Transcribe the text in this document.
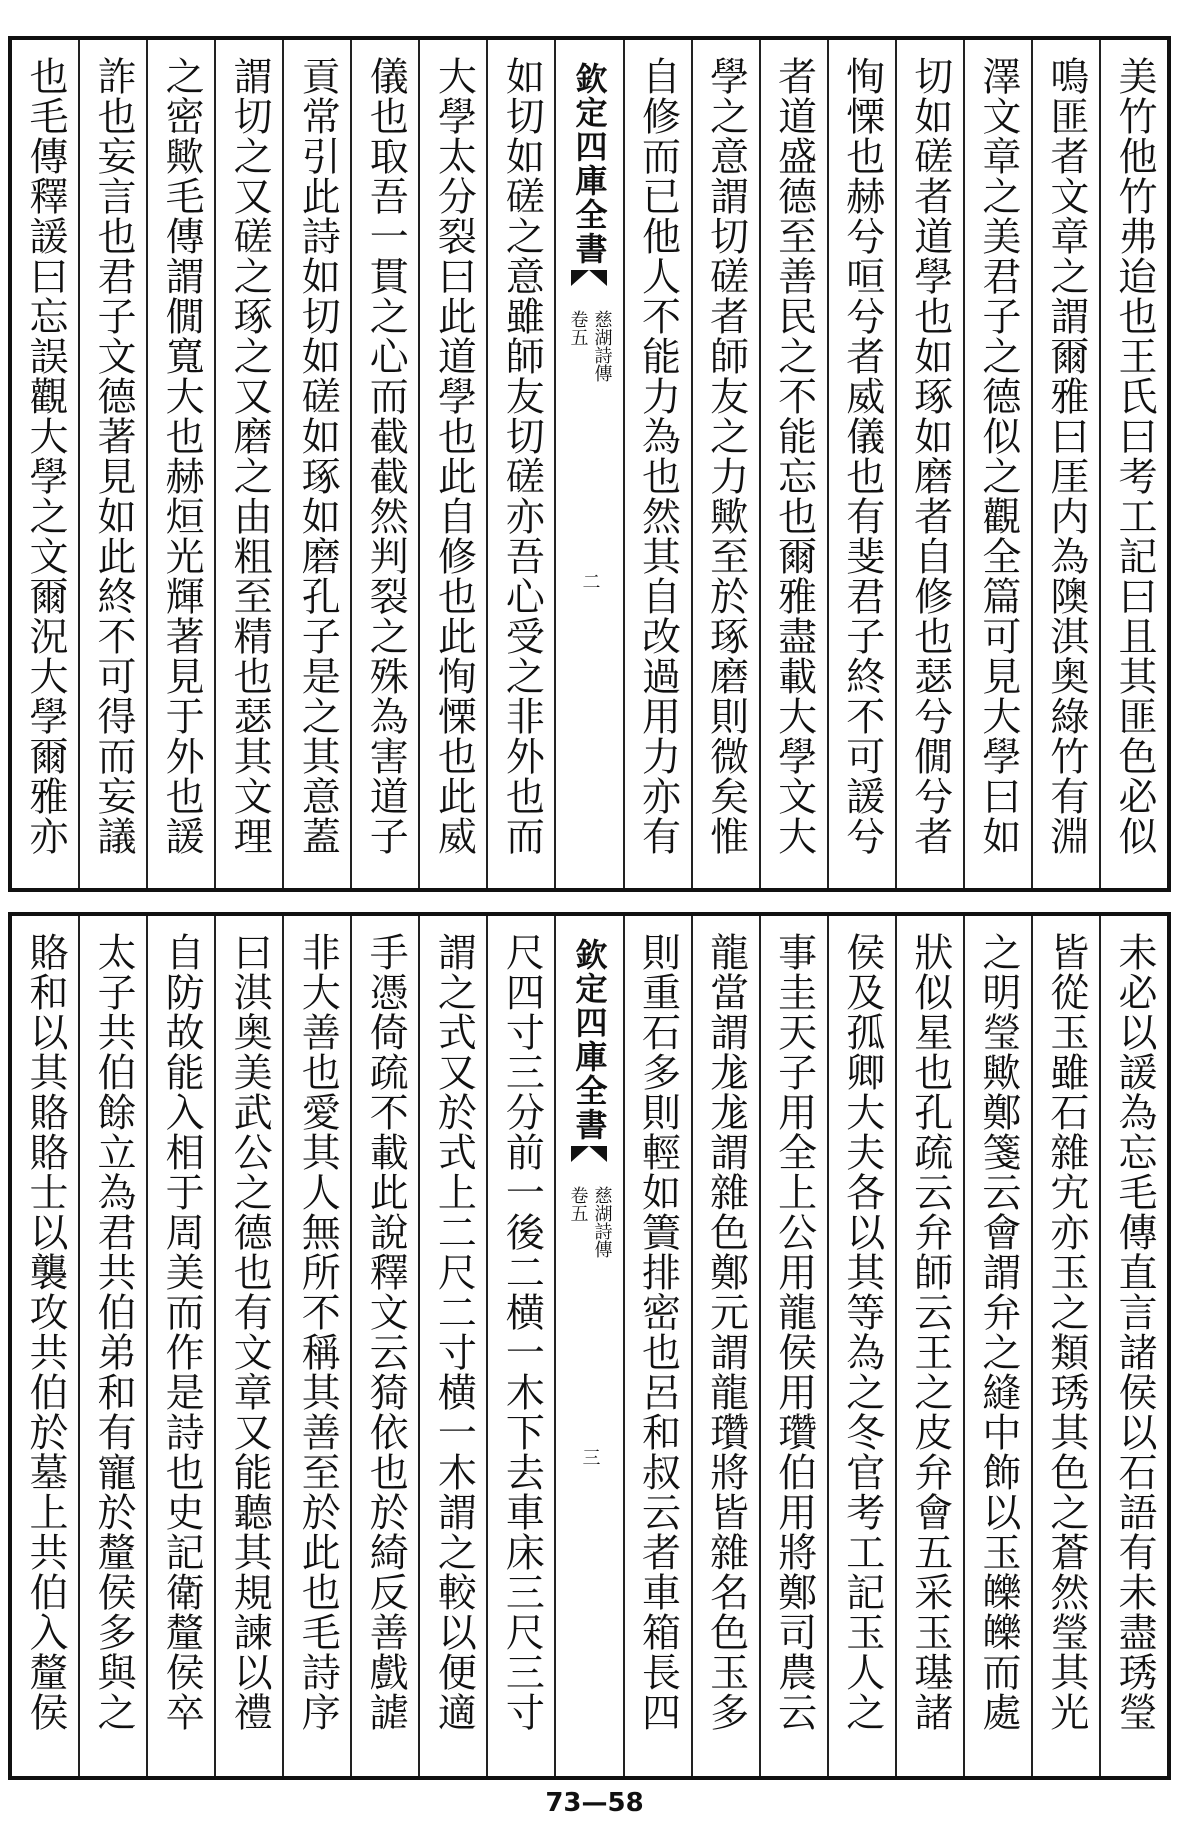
美竹他竹弗迨也王氏曰考工記曰且其匪色必似
鳴匪者文章之謂爾雅曰厓内為隩淇奥綠竹有淵
澤文章之美君子之德似之觀全篇可見大學曰如
切如磋者道學也如琢如磨者自修也瑟兮僩兮者
恂慄也赫兮咺兮者威儀也有斐君子終不可諼兮
者道盛德至善民之不能忘也爾雅盡載大學文大
學之意謂切磋者師友之力歟至於琢磨則微矣惟
自修而已他人不能力為也然其自改過用力亦有
欽定四庫全書
慈湖詩傳
卷五
二
如切如磋之意雖師友切磋亦吾心受之非外也而
大學太分裂曰此道學也此自修也此恂慄也此威
儀也取吾一貫之心而截截然判裂之殊為害道子
貢常引此詩如切如磋如琢如磨孔子是之其意蓋
謂切之又磋之琢之又磨之由粗至精也瑟其文理
之密歟毛傳謂僩寬大也赫烜光輝著見于外也諼
詐也妄言也君子文德著見如此終不可得而妄議
也毛傳釋諼曰忘誤觀大學之文爾況大學爾雅亦
未必以諼為忘毛傳直言諸侯以石語有未盡琇瑩
皆從玉雖石雜宄亦玉之類琇其色之蒼然瑩其光
之明瑩歟鄭箋云會謂弁之縫中飾以玉皪皪而處
狀似星也孔疏云弁師云王之皮弁會五采玉璂諸
侯及孤卿大夫各以其等為之冬官考工記玉人之
事圭天子用全上公用龍侯用瓚伯用將鄭司農云
龍當謂尨尨謂雜色鄭元謂龍瓚將皆雜名色玉多
則重石多則輕如簀排密也呂和叔云者車箱長四
欽定四庫全書
慈湖詩傳
卷五
三
尺四寸三分前一後二横一木下去車床三尺三寸
謂之式又於式上二尺二寸横一木謂之較以便適
手憑倚疏不載此說釋文云猗依也於綺反善戲謔
非大善也愛其人無所不稱其善至於此也毛詩序
曰淇奥美武公之德也有文章又能聽其規諫以禮
自防故能入相于周美而作是詩也史記衛釐侯卒
太子共伯餘立為君共伯弟和有寵於釐侯多與之
賂和以其賂賂士以襲攻共伯於墓上共伯入釐侯
73—58
